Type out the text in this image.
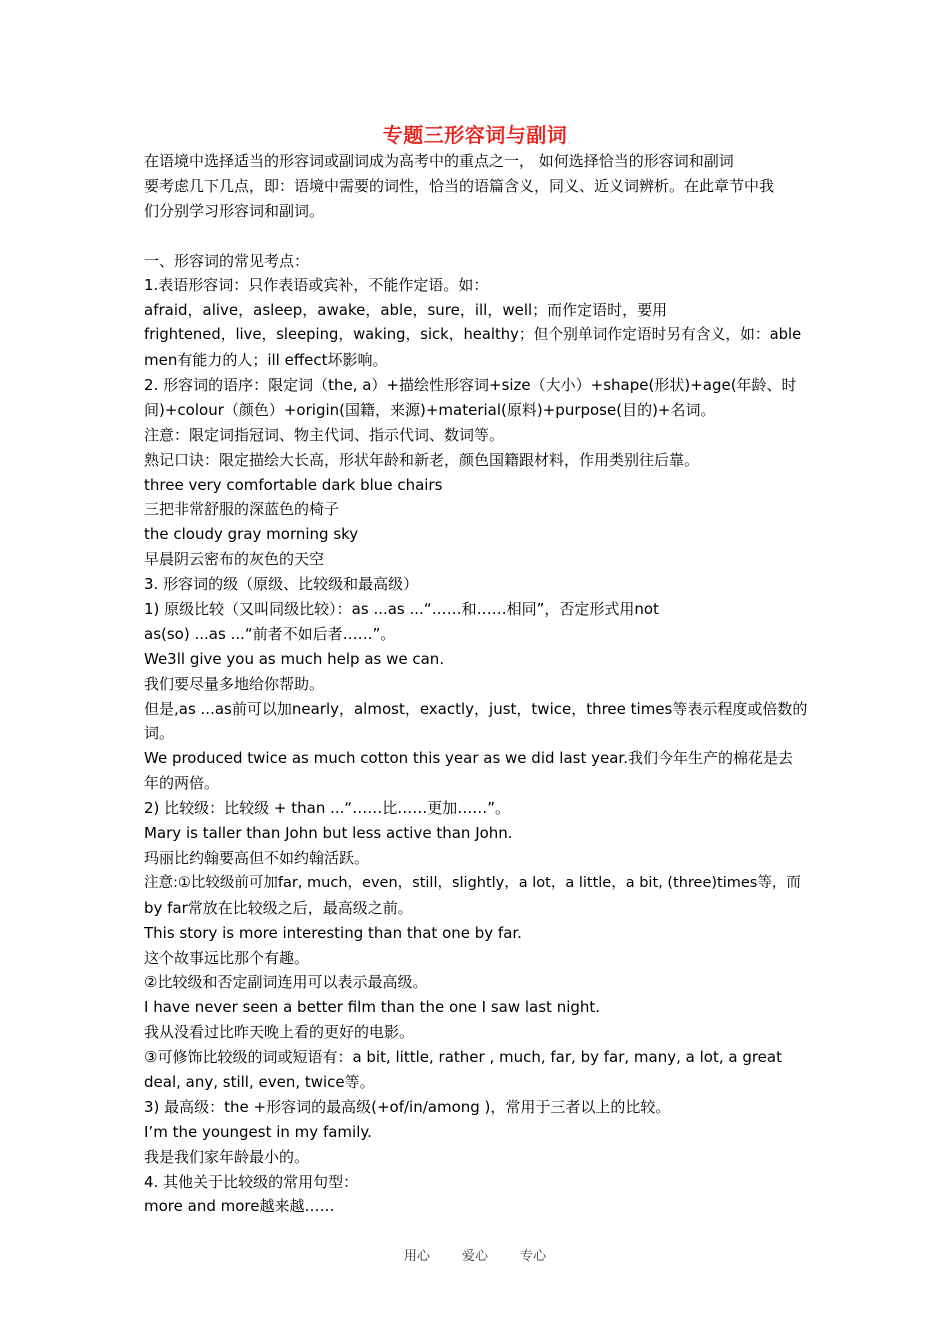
专题三形容词与副词
在语境中选择适当的形容词或副词成为高考中的重点之一， 如何选择恰当的形容词和副词
要考虑几下几点，即：语境中需要的词性，恰当的语篇含义，同义、近义词辨析。在此章节中我
们分别学习形容词和副词。
一、形容词的常见考点：
1.表语形容词：只作表语或宾补，不能作定语。如：
afraid，alive，asleep，awake，able，sure，ill，well；而作定语时，要用
frightened，live，sleeping，waking，sick，healthy；但个别单词作定语时另有含义，如：able
men有能力的人；ill effect坏影响。
2. 形容词的语序：限定词（the, a）+描绘性形容词+size（大小）+shape(形状)+age(年龄、时
间)+colour（颜色）+origin(国籍，来源)+material(原料)+purpose(目的)+名词。
注意：限定词指冠词、物主代词、指示代词、数词等。
熟记口诀：限定描绘大长高，形状年龄和新老，颜色国籍跟材料，作用类别往后靠。
three very comfortable dark blue chairs
三把非常舒服的深蓝色的椅子
the cloudy gray morning sky
早晨阴云密布的灰色的天空
3. 形容词的级（原级、比较级和最高级）
1) 原级比较（又叫同级比较）：as ...as ...“……和……相同”，否定形式用not
as(so) ...as ...“前者不如后者……”。
We3ll give you as much help as we can.
我们要尽量多地给你帮助。
但是,as ...as前可以加nearly，almost，exactly，just，twice，three times等表示程度或倍数的
词。
We produced twice as much cotton this year as we did last year.我们今年生产的棉花是去
年的两倍。
2) 比较级：比较级 + than ...“……比……更加……”。
Mary is taller than John but less active than John.
玛丽比约翰要高但不如约翰活跃。
注意:①比较级前可加far, much，even，still，slightly，a lot，a little，a bit, (three)times等，而
by far常放在比较级之后，最高级之前。
This story is more interesting than that one by far.
这个故事远比那个有趣。
②比较级和否定副词连用可以表示最高级。
I have never seen a better film than the one I saw last night.
我从没看过比昨天晚上看的更好的电影。
③可修饰比较级的词或短语有：a bit, little, rather , much, far, by far, many, a lot, a great
deal, any, still, even, twice等。
3) 最高级：the +形容词的最高级(+of/in/among )，常用于三者以上的比较。
I’m the youngest in my family.
我是我们家年龄最小的。
4. 其他关于比较级的常用句型：
more and more越来越……
用心 爱心 专心
